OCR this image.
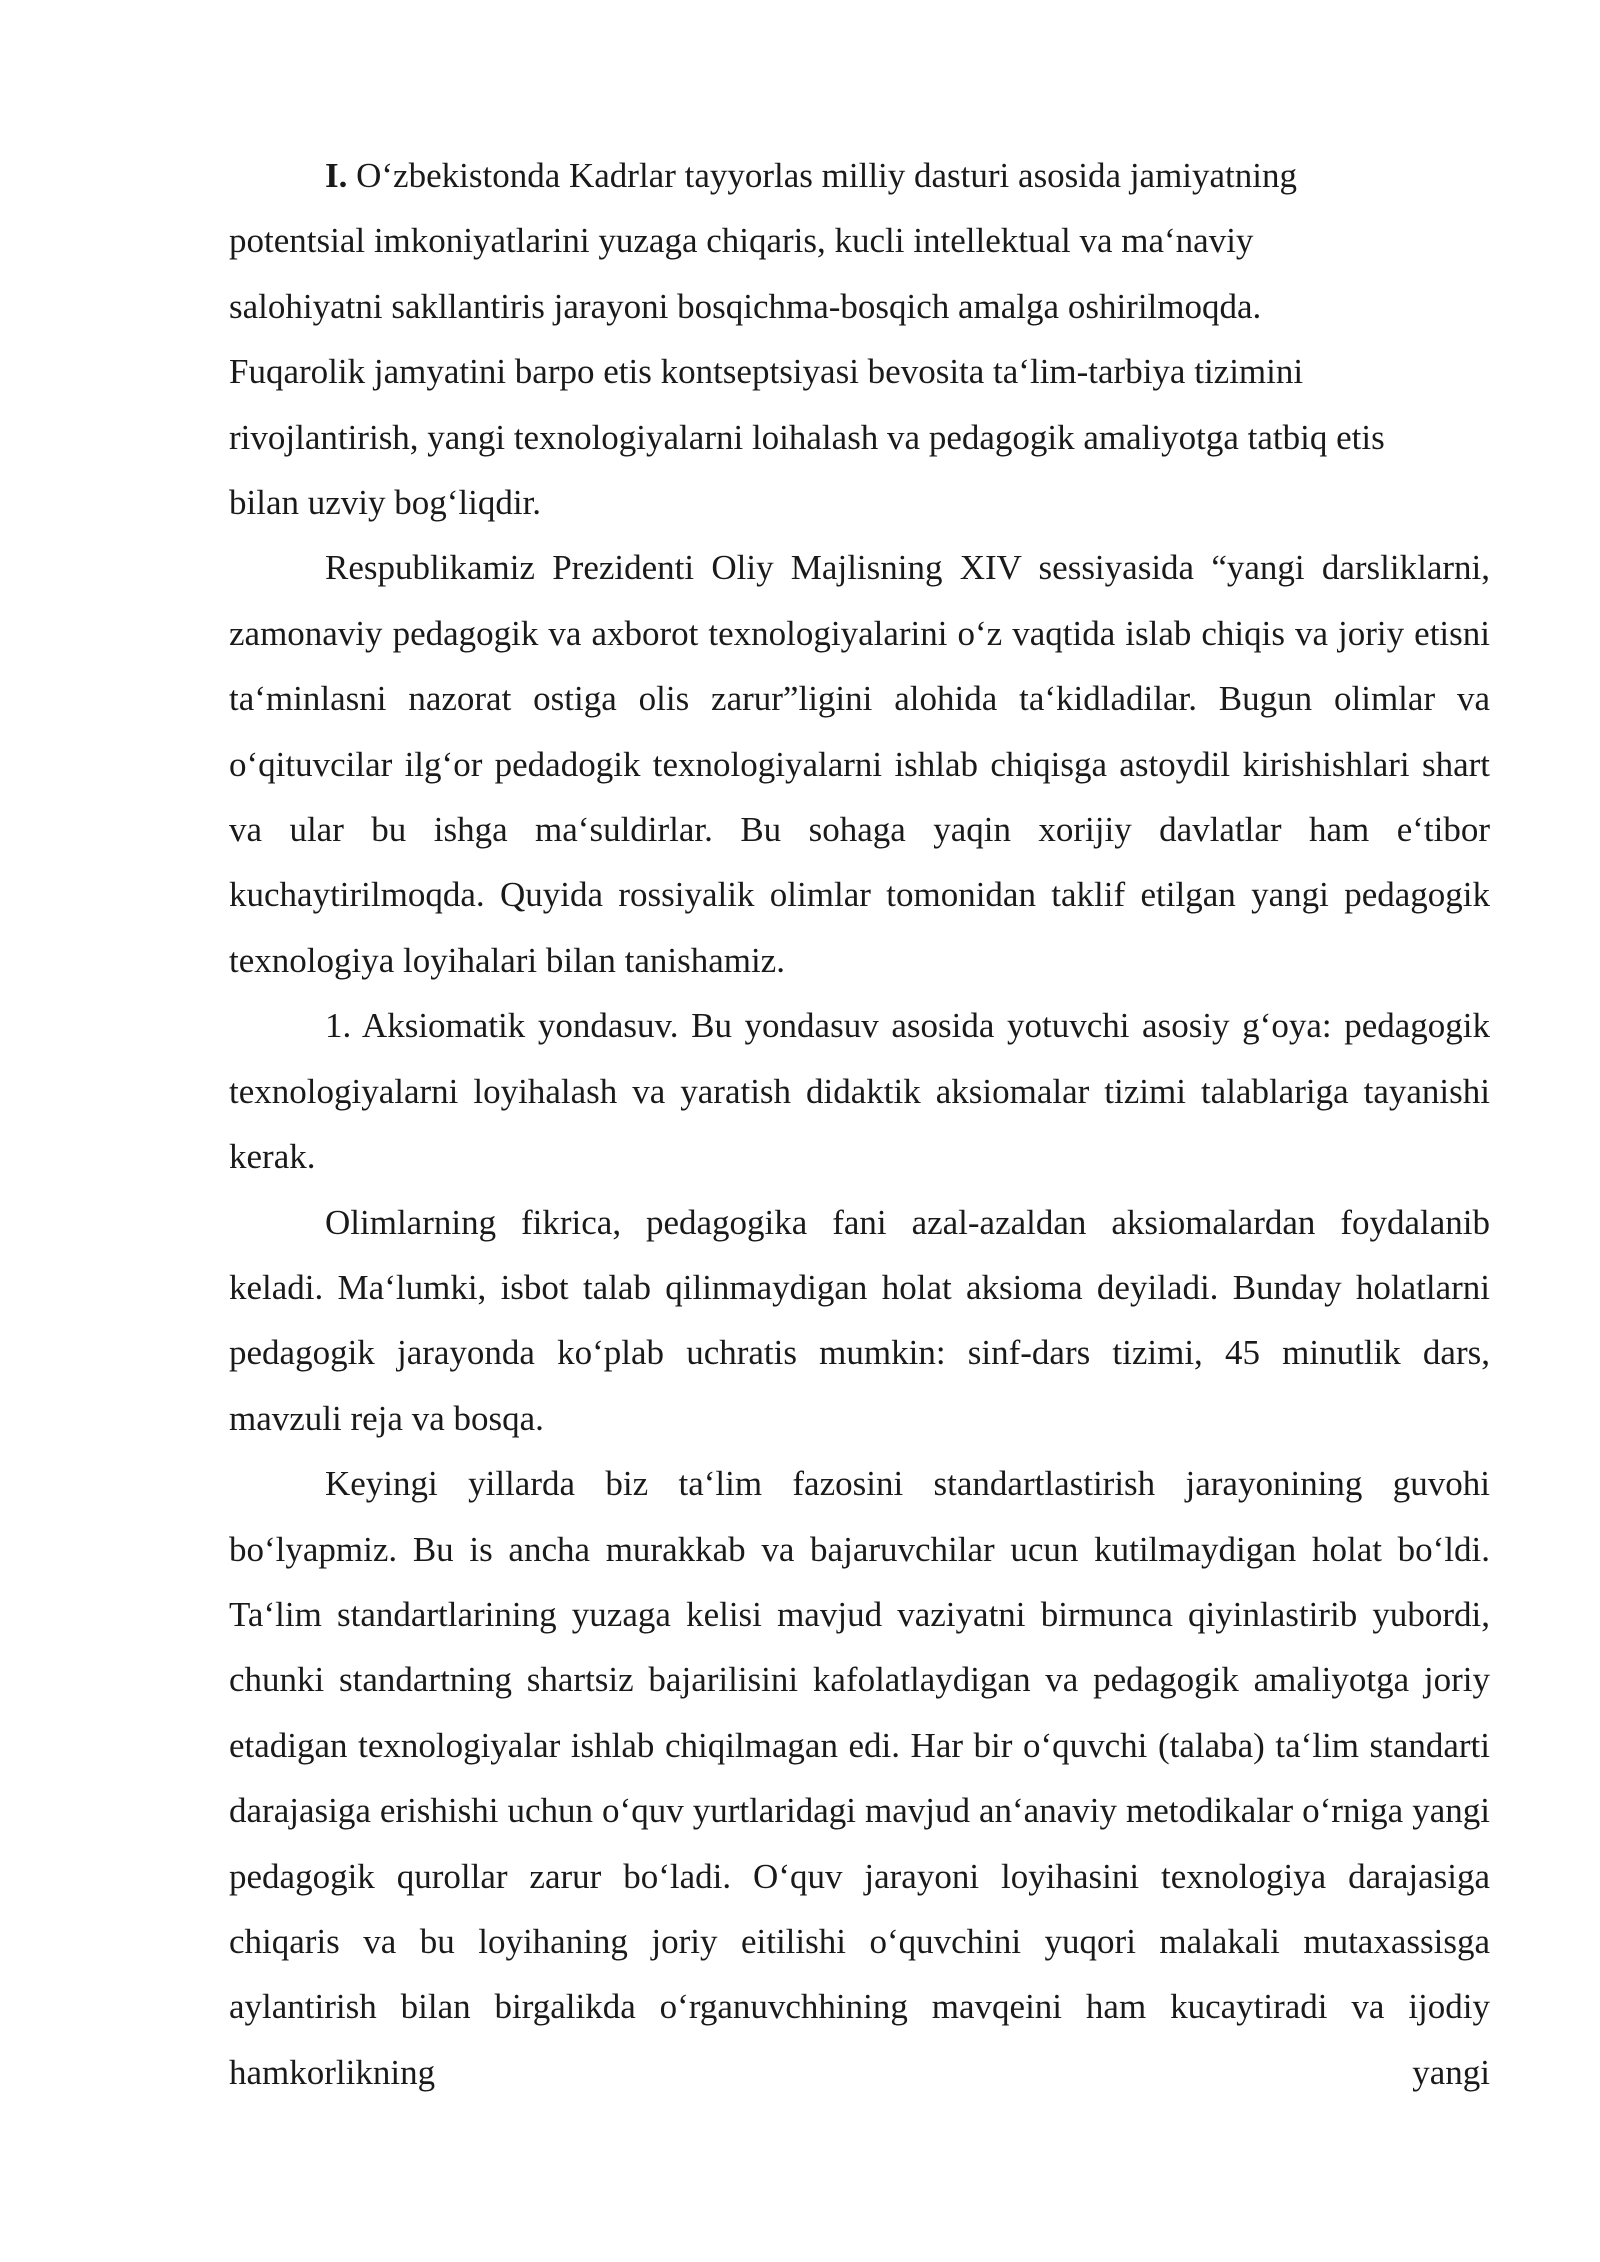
I. O‘zbekistonda Kadrlar tayyorlas milliy dasturi asosida jamiyatning
potentsial imkoniyatlarini yuzaga chiqaris, kucli intellektual va ma‘naviy
salohiyatni sakllantiris jarayoni bosqichma-bosqich amalga oshirilmoqda.
Fuqarolik jamyatini barpo etis kontseptsiyasi bevosita ta‘lim-tarbiya tizimini
rivojlantirish, yangi texnologiyalarni loihalash va pedagogik amaliyotga tatbiq etis
bilan uzviy bog‘liqdir.

Respublikamiz Prezidenti Oliy Majlisning XIV sessiyasida “yangi darsliklarni, zamonaviy pedagogik va axborot texnologiyalarini o‘z vaqtida islab chiqis va joriy etisni ta‘minlasni nazorat ostiga olis zarur”ligini alohida ta‘kidladilar. Bugun olimlar va o‘qituvcilar ilg‘or pedadogik texnologiyalarni ishlab chiqisga astoydil kirishishlari shart va ular bu ishga ma‘suldirlar. Bu sohaga yaqin xorijiy davlatlar ham e‘tibor kuchaytirilmoqda. Quyida rossiyalik olimlar tomonidan taklif etilgan yangi pedagogik texnologiya loyihalari bilan tanishamiz.

1. Aksiomatik yondasuv. Bu yondasuv asosida yotuvchi asosiy g‘oya: pedagogik texnologiyalarni loyihalash va yaratish didaktik aksiomalar tizimi talablariga tayanishi kerak.

Olimlarning fikrica, pedagogika fani azal-azaldan aksiomalardan foydalanib keladi. Ma‘lumki, isbot talab qilinmaydigan holat aksioma deyiladi. Bunday holatlarni pedagogik jarayonda ko‘plab uchratis mumkin: sinf-dars tizimi, 45 minutlik dars, mavzuli reja va bosqa.

Keyingi yillarda biz ta‘lim fazosini standartlastirish jarayonining guvohi bo‘lyapmiz. Bu is ancha murakkab va bajaruvchilar ucun kutilmaydigan holat bo‘ldi. Ta‘lim standartlarining yuzaga kelisi mavjud vaziyatni birmunca qiyinlastirib yubordi, chunki standartning shartsiz bajarilisini kafolatlaydigan va pedagogik amaliyotga joriy etadigan texnologiyalar ishlab chiqilmagan edi. Har bir o‘quvchi (talaba) ta‘lim standarti darajasiga erishishi uchun o‘quv yurtlaridagi mavjud an‘anaviy metodikalar o‘rniga yangi pedagogik qurollar zarur bo‘ladi. O‘quv jarayoni loyihasini texnologiya darajasiga chiqaris va bu loyihaning joriy eitilishi o‘quvchini yuqori malakali mutaxassisga aylantirish bilan birgalikda o‘rganuvchhining mavqeini ham kucaytiradi va ijodiy hamkorlikning yangi
